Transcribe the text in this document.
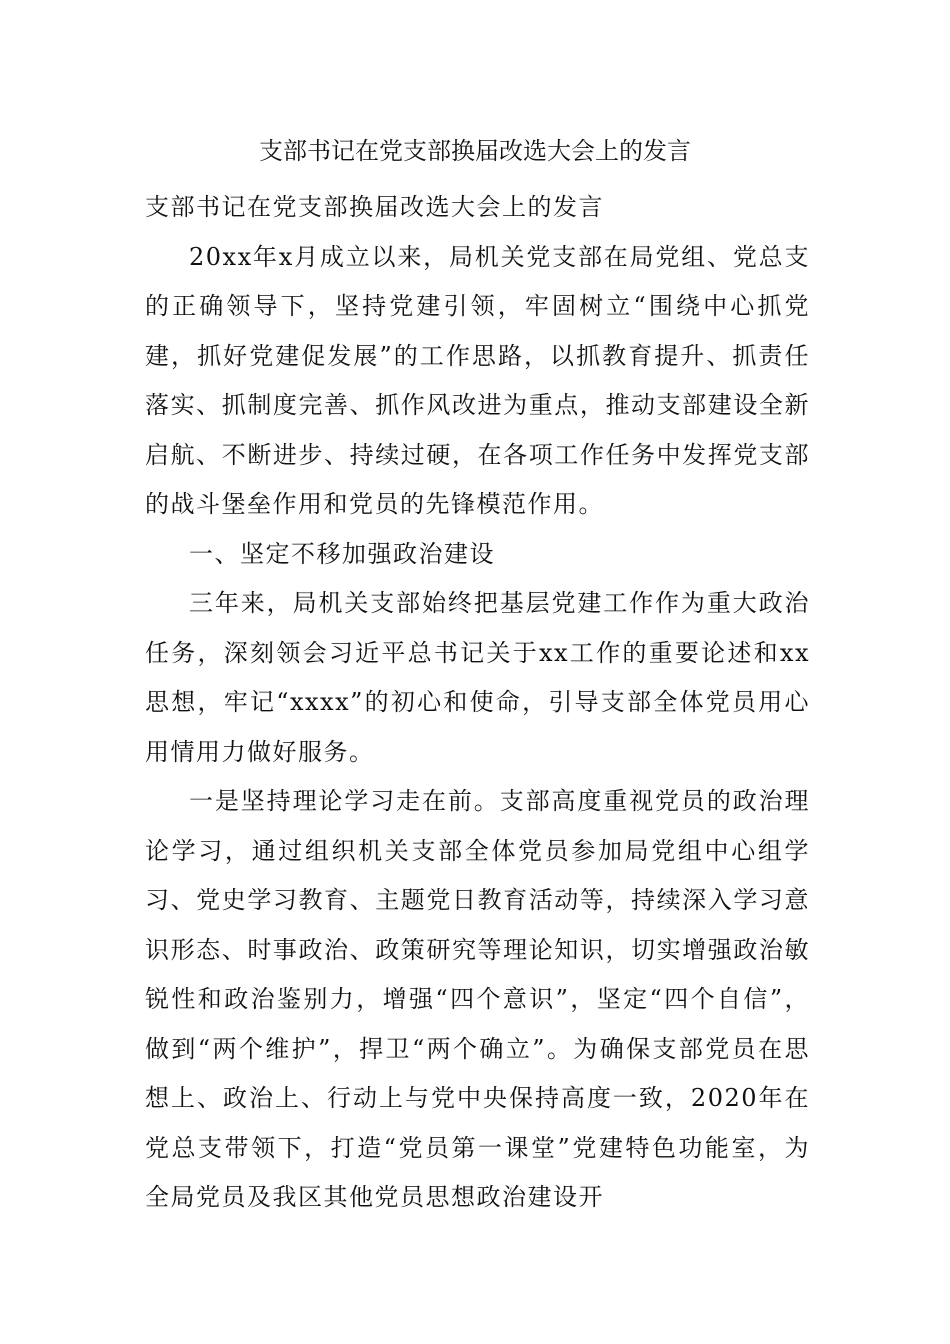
支部书记在党支部换届改选大会上的发言

支部书记在党支部换届改选大会上的发言

20xx年x月成立以来，局机关党支部在局党组、党总支的正确领导下，坚持党建引领，牢固树立“围绕中心抓党建，抓好党建促发展”的工作思路，以抓教育提升、抓责任落实、抓制度完善、抓作风改进为重点，推动支部建设全新启航、不断进步、持续过硬，在各项工作任务中发挥党支部的战斗堡垒作用和党员的先锋模范作用。

一、坚定不移加强政治建设

三年来，局机关支部始终把基层党建工作作为重大政治任务，深刻领会习近平总书记关于xx工作的重要论述和xx思想，牢记“xxxx”的初心和使命，引导支部全体党员用心用情用力做好服务。

一是坚持理论学习走在前。支部高度重视党员的政治理论学习，通过组织机关支部全体党员参加局党组中心组学习、党史学习教育、主题党日教育活动等，持续深入学习意识形态、时事政治、政策研究等理论知识，切实增强政治敏锐性和政治鉴别力，增强“四个意识”，坚定“四个自信”，做到“两个维护”，捍卫“两个确立”。为确保支部党员在思想上、政治上、行动上与党中央保持高度一致，2020年在党总支带领下，打造“党员第一课堂”党建特色功能室，为全局党员及我区其他党员思想政治建设开
